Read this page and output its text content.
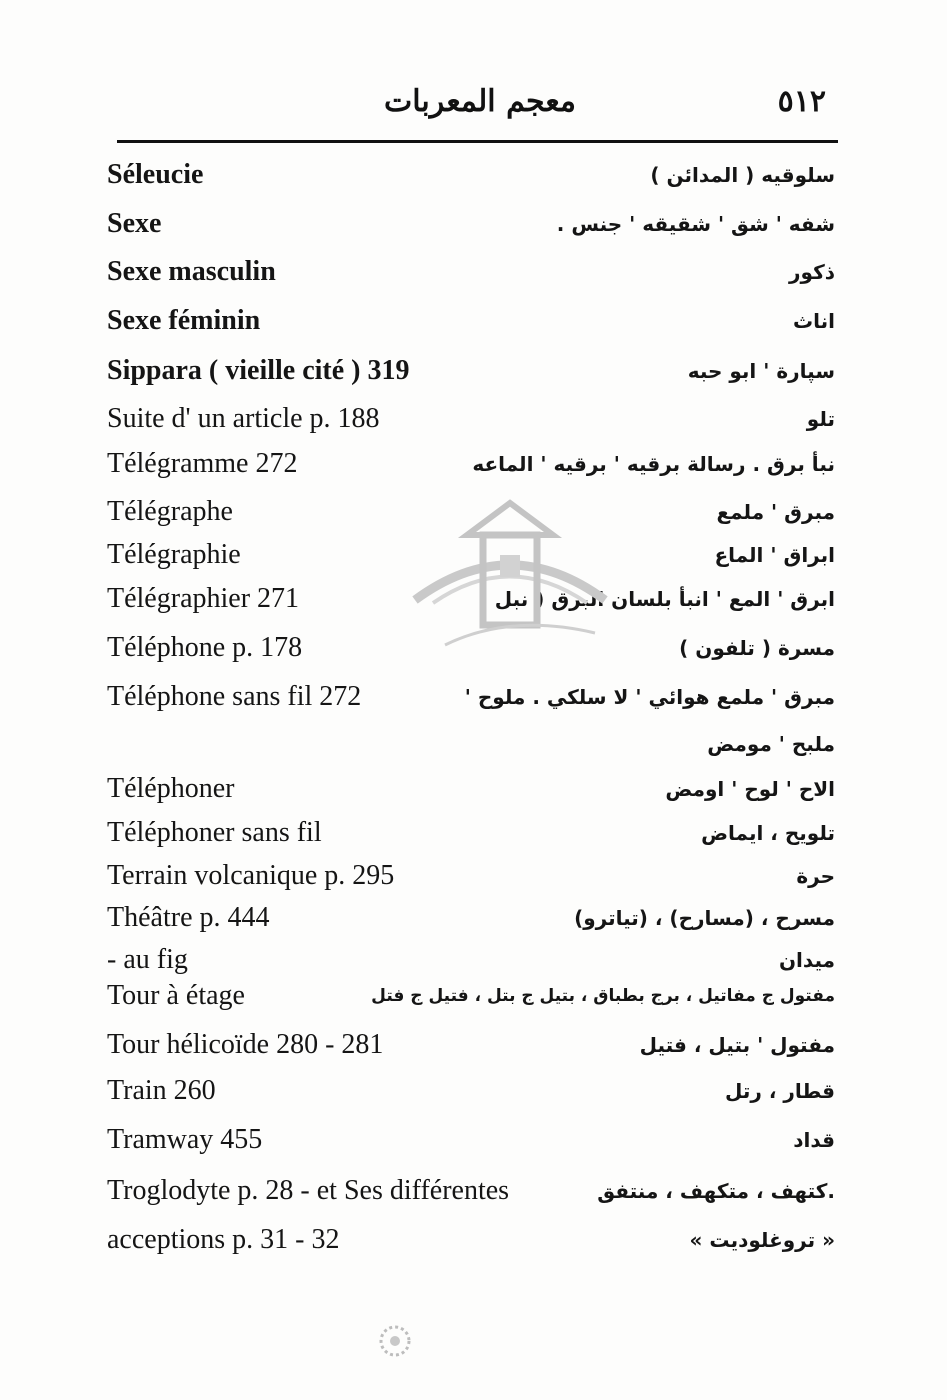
٥١٢
معجم المعربات
Séleucie	سلوقيه ( المدائن )
Sexe	شفه ' شق ' شقيقه ' جنس .
Sexe masculin	ذكور
Sexe féminin	اناث
Sippara ( vieille cité ) 319	سپارة ' ابو حبه
Suite d' un article p. 188	تلو
Télégramme 272	نبأ برق . رسالة برقيه ' برقيه ' الماعه
Télégraphe	مبرق ' ملمع
Télégraphie	ابراق ' الماع
Télégraphier 271	ابرق ' المع ' انبأ بلسان البرق ( نبل )
Téléphone p. 178	مسرة ( تلفون )
Téléphone sans fil 272	مبرق ' ملمع هوائي ' لا سلكي . ملوح '
ملبح ' مومض
Téléphoner	الاح ' لوح ' اومض
Téléphoner sans fil	تلويح ، ايماض
Terrain volcanique p. 295	حرة
Théâtre p. 444	مسرح ، (مسارح) ، (تياترو)
- au fig	ميدان
Tour à étage	مفتول ج مفاتيل ، برج بطباق ، بتيل ج بتل ، فتيل ج فتل
Tour hélicoïde 280 - 281	مفتول ' بتيل ، فتيل
Train 260	قطار ، رتل
Tramway 455	قداد
Troglodyte p. 28 - et Ses différentes	.كتهف ، متكهف ، منتفق
acceptions p. 31 - 32	« تروغلوديت »
